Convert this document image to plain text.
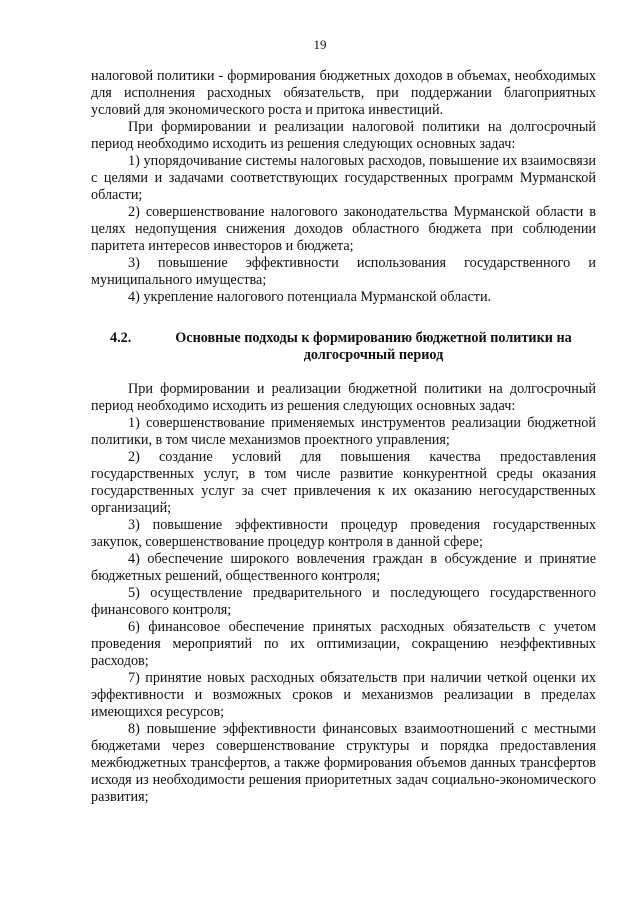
19

налоговой политики - формирования бюджетных доходов в объемах, необходимых для исполнения расходных обязательств, при поддержании благоприятных условий для экономического роста и притока инвестиций.

При формировании и реализации налоговой политики на долгосрочный период необходимо исходить из решения следующих основных задач:

1) упорядочивание системы налоговых расходов, повышение их взаимосвязи с целями и задачами соответствующих государственных программ Мурманской области;

2) совершенствование налогового законодательства Мурманской области в целях недопущения снижения доходов областного бюджета при соблюдении паритета интересов инвесторов и бюджета;

3) повышение эффективности использования государственного и муниципального имущества;

4) укрепление налогового потенциала Мурманской области.

4.2.	Основные подходы к формированию бюджетной политики на долгосрочный период

При формировании и реализации бюджетной политики на долгосрочный период необходимо исходить из решения следующих основных задач:

1) совершенствование применяемых инструментов реализации бюджетной политики, в том числе механизмов проектного управления;

2) создание условий для повышения качества предоставления государственных услуг, в том числе развитие конкурентной среды оказания государственных услуг за счет привлечения к их оказанию негосударственных организаций;

3) повышение эффективности процедур проведения государственных закупок, совершенствование процедур контроля в данной сфере;

4) обеспечение широкого вовлечения граждан в обсуждение и принятие бюджетных решений, общественного контроля;

5) осуществление предварительного и последующего государственного финансового контроля;

6) финансовое обеспечение принятых расходных обязательств с учетом проведения мероприятий по их оптимизации, сокращению неэффективных расходов;

7) принятие новых расходных обязательств при наличии четкой оценки их эффективности и возможных сроков и механизмов реализации в пределах имеющихся ресурсов;

8) повышение эффективности финансовых взаимоотношений с местными бюджетами через совершенствование структуры и порядка предоставления межбюджетных трансфертов, а также формирования объемов данных трансфертов исходя из необходимости решения приоритетных задач социально-экономического развития;
